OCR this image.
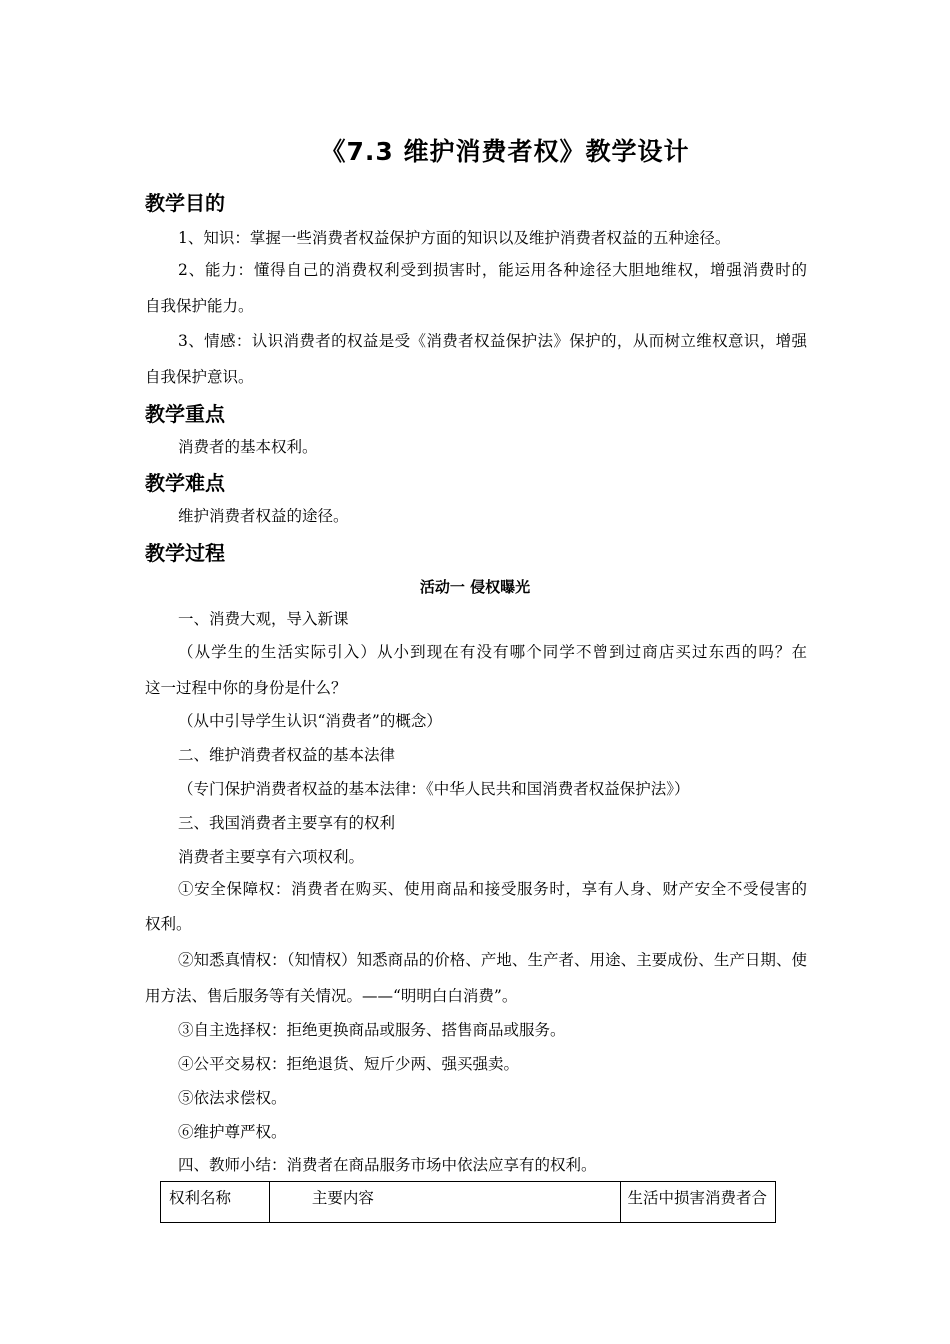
《7.3 维护消费者权》教学设计
教学目的
1、知识：掌握一些消费者权益保护方面的知识以及维护消费者权益的五种途径。
2、能力：懂得自己的消费权利受到损害时，能运用各种途径大胆地维权，增强消费时的
自我保护能力。
3、情感：认识消费者的权益是受《消费者权益保护法》保护的，从而树立维权意识，增强
自我保护意识。
教学重点
消费者的基本权利。
教学难点
维护消费者权益的途径。
教学过程
活动一 侵权曝光
一、消费大观，导入新课
（从学生的生活实际引入）从小到现在有没有哪个同学不曾到过商店买过东西的吗？在
这一过程中你的身份是什么？
（从中引导学生认识“消费者”的概念）
二、维护消费者权益的基本法律
（专门保护消费者权益的基本法律：《中华人民共和国消费者权益保护法》）
三、我国消费者主要享有的权利
消费者主要享有六项权利。
①安全保障权：消费者在购买、使用商品和接受服务时，享有人身、财产安全不受侵害的
权利。
②知悉真情权：（知情权）知悉商品的价格、产地、生产者、用途、主要成份、生产日期、使
用方法、售后服务等有关情况。——“明明白白消费”。
③自主选择权：拒绝更换商品或服务、搭售商品或服务。
④公平交易权：拒绝退货、短斤少两、强买强卖。
⑤依法求偿权。
⑥维护尊严权。
四、教师小结：消费者在商品服务市场中依法应享有的权利。
权利名称	主要内容	生活中损害消费者合
